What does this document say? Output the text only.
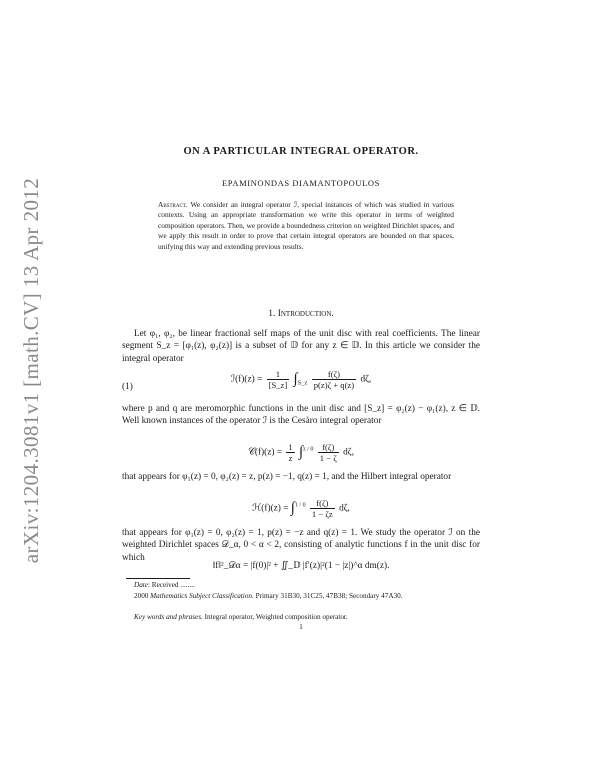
arXiv:1204.3081v1 [math.CV] 13 Apr 2012
ON A PARTICULAR INTEGRAL OPERATOR.
EPAMINONDAS DIAMANTOPOULOS
Abstract. We consider an integral operator ℐ, special instances of which was studied in various contexts. Using an appropriate transformation we write this operator in terms of weighted composition operators. Then, we provide a boundedness criterion on weighted Dirichlet spaces, and we apply this result in order to prove that certain integral operators are bounded on that spaces, unifying this way and extending previous results.
1. Introduction.
Let φ₁, φ₂, be linear fractional self maps of the unit disc with real coefficients. The linear segment S_z = [φ₁(z), φ₂(z)] is a subset of 𝔻 for any z ∈ 𝔻. In this article we consider the integral operator
(1)
ℐ(f)(z) = $\frac{1}{[S\_z]} \int_{S\_z} \frac{f(\zeta)}{p(z)\zeta + q(z)} d\zeta$,
where p and q are meromorphic functions in the unit disc and [S_z] = φ₂(z) − φ₁(z), z ∈ 𝔻. Well known instances of the operator ℐ is the Cesàro integral operator
𝒞(f)(z) = $\frac{1}{z} \int^{z / 0} \frac{f(\zeta)}{1 - \zeta} d\zeta$,
that appears for φ₁(z) = 0, φ₂(z) = z, p(z) = −1, q(z) = 1, and the Hilbert integral operator
ℋ(f)(z) = $\int^{1 / 0} \frac{f(\zeta)}{1 - \zeta z} d\zeta$,
that appears for φ₁(z) = 0, φ₂(z) = 1, p(z) = −z and q(z) = 1. We study the operator ℐ on the weighted Dirichlet spaces 𝒟_α, 0 < α < 2, consisting of analytic functions f in the unit disc for which
‖f‖²_𝒟α = |f(0)|² + ∬_𝔻 |f′(z)|²(1 − |z|)^α dm(z).
Date: Received ........
2000 Mathematics Subject Classification. Primary 31B30, 31C25, 47B38; Secondary 47A30.
Key words and phrases. Integral operator, Weighted composition operator.
1
